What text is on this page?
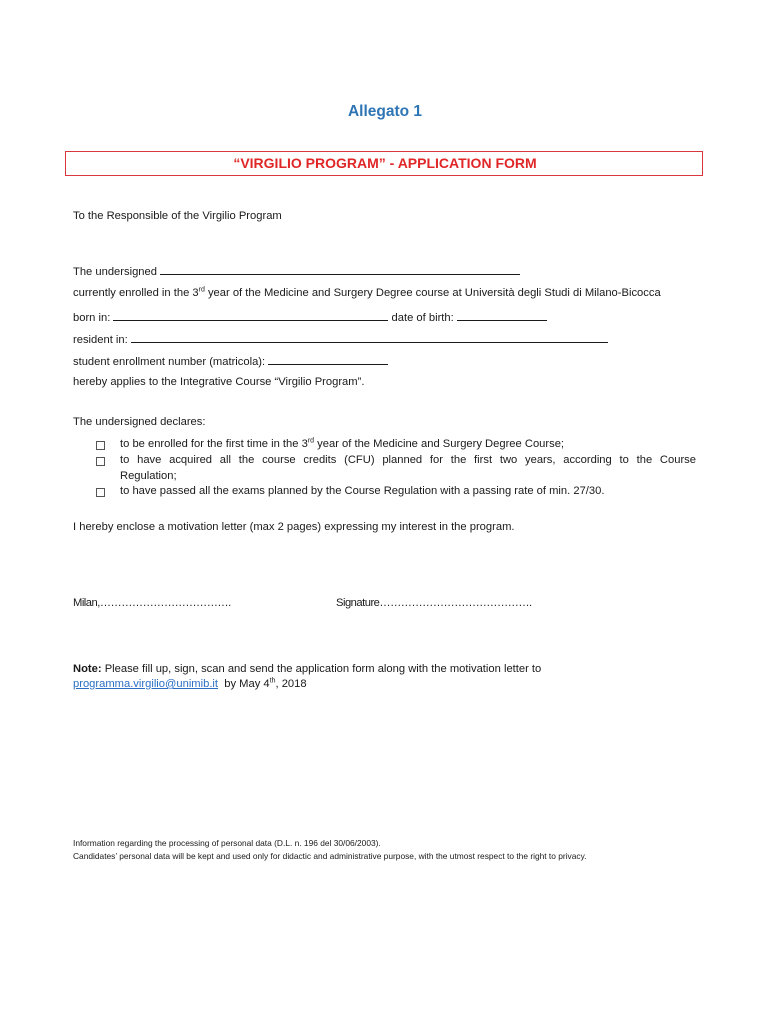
Allegato 1
“VIRGILIO PROGRAM” - APPLICATION FORM
To the Responsible of the Virgilio Program
The undersigned
currently enrolled in the 3rd year of the Medicine and Surgery Degree course at Università degli Studi di Milano-Bicocca
born in:	date of birth:
resident in:
student enrollment number (matricola):
hereby applies to the Integrative Course “Virgilio Program”.
The undersigned declares:
to be enrolled for the first time in the 3rd year of the Medicine and Surgery Degree Course;
to have acquired all the course credits (CFU) planned for the first two years, according to the Course
Regulation;
to have passed all the exams planned by the Course Regulation with a passing rate of min. 27/30.
I hereby enclose a motivation letter (max 2 pages) expressing my interest in the program.
Milan,……………………………….	Signature…………………………………….
Note: Please fill up, sign, scan and send the application form along with the motivation letter to
programma.virgilio@unimib.it  by May 4th, 2018
Information regarding the processing of personal data (D.L. n. 196 del 30/06/2003).
Candidates’ personal data will be kept and used only for didactic and administrative purpose, with the utmost respect to the right to privacy.
